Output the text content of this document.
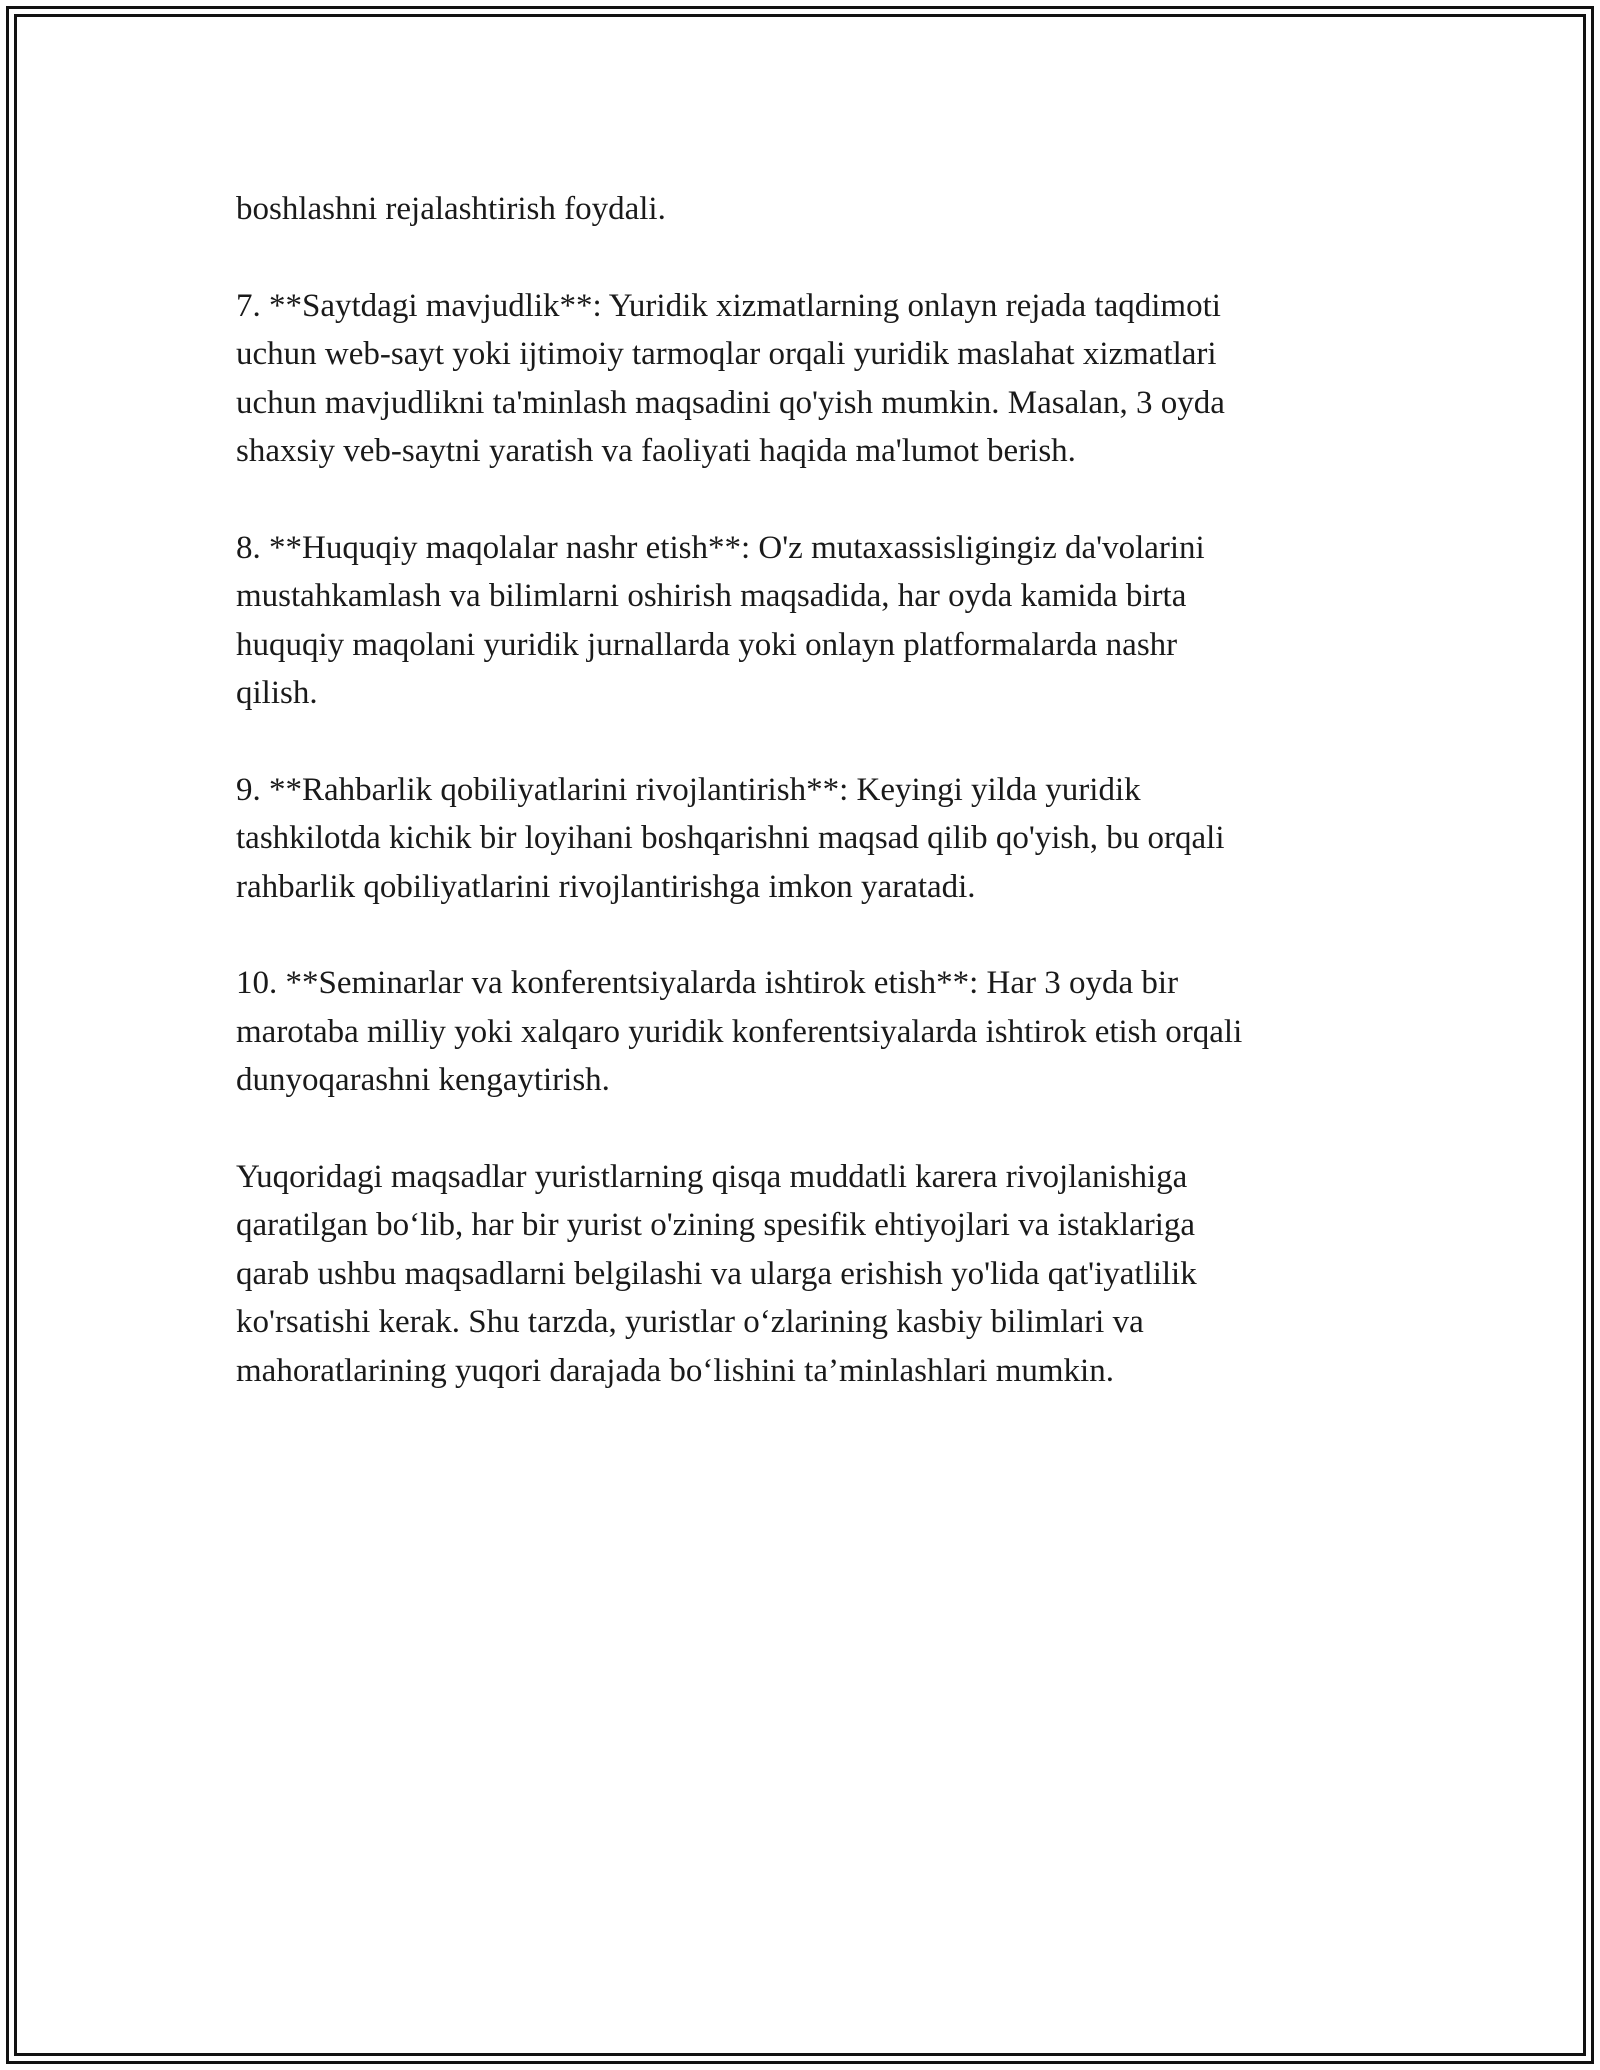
boshlashni rejalashtirish foydali.

7. **Saytdagi mavjudlik**: Yuridik xizmatlarning onlayn rejada taqdimoti
uchun web-sayt yoki ijtimoiy tarmoqlar orqali yuridik maslahat xizmatlari
uchun mavjudlikni ta'minlash maqsadini qo'yish mumkin. Masalan, 3 oyda
shaxsiy veb-saytni yaratish va faoliyati haqida ma'lumot berish.

8. **Huquqiy maqolalar nashr etish**: O'z mutaxassisligingiz da'volarini
mustahkamlash va bilimlarni oshirish maqsadida, har oyda kamida birta
huquqiy maqolani yuridik jurnallarda yoki onlayn platformalarda nashr
qilish.

9. **Rahbarlik qobiliyatlarini rivojlantirish**: Keyingi yilda yuridik
tashkilotda kichik bir loyihani boshqarishni maqsad qilib qo'yish, bu orqali
rahbarlik qobiliyatlarini rivojlantirishga imkon yaratadi.

10. **Seminarlar va konferentsiyalarda ishtirok etish**: Har 3 oyda bir
marotaba milliy yoki xalqaro yuridik konferentsiyalarda ishtirok etish orqali
dunyoqarashni kengaytirish.

Yuqoridagi maqsadlar yuristlarning qisqa muddatli karera rivojlanishiga
qaratilgan bo‘lib, har bir yurist o'zining spesifik ehtiyojlari va istaklariga
qarab ushbu maqsadlarni belgilashi va ularga erishish yo'lida qat'iyatlilik
ko'rsatishi kerak. Shu tarzda, yuristlar o‘zlarining kasbiy bilimlari va
mahoratlarining yuqori darajada bo‘lishini ta’minlashlari mumkin.
